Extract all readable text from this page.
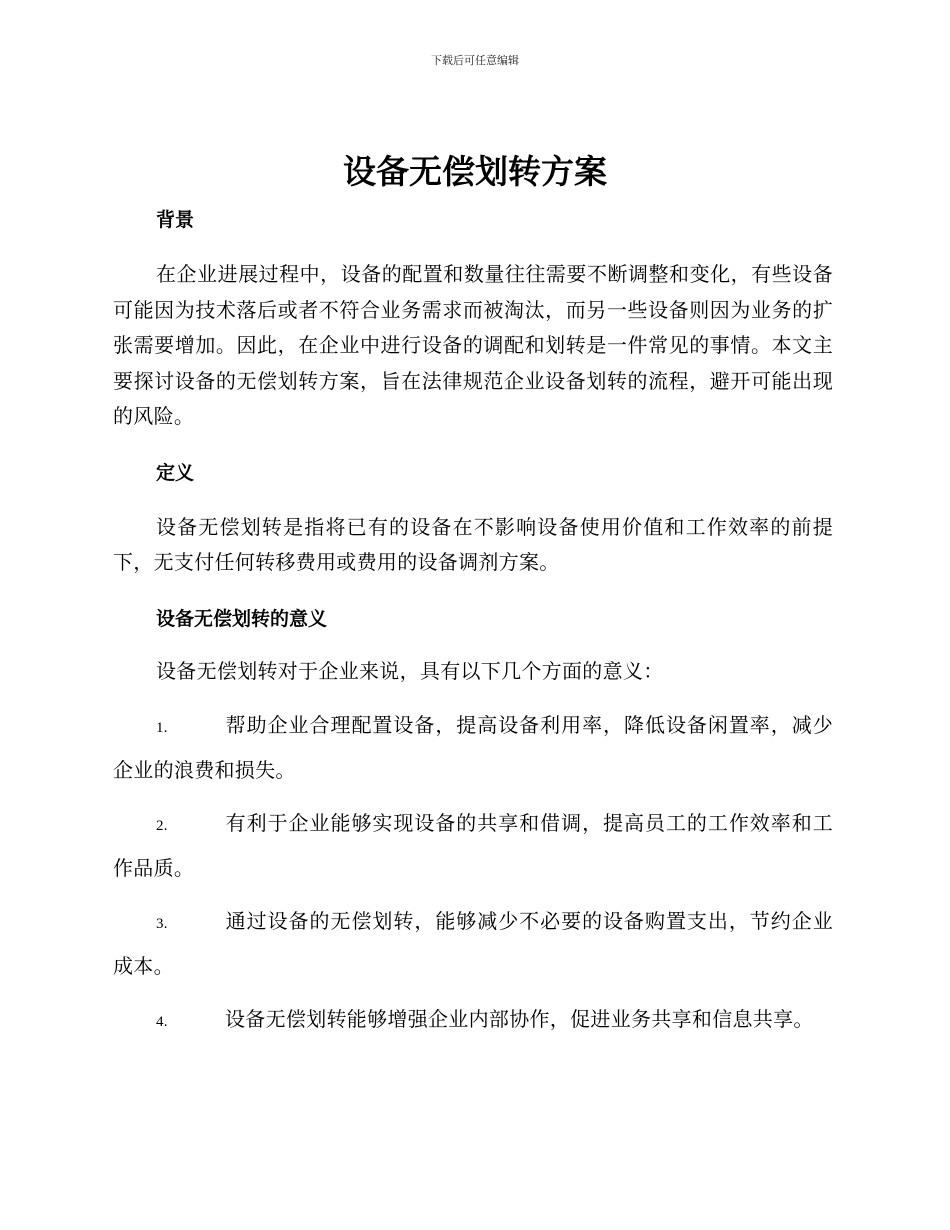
下载后可任意编辑
设备无偿划转方案
背景

在企业进展过程中，设备的配置和数量往往需要不断调整和变化，有些设备可能因为技术落后或者不符合业务需求而被淘汰，而另一些设备则因为业务的扩张需要增加。因此，在企业中进行设备的调配和划转是一件常见的事情。本文主要探讨设备的无偿划转方案，旨在法律规范企业设备划转的流程，避开可能出现的风险。

定义

设备无偿划转是指将已有的设备在不影响设备使用价值和工作效率的前提下，无支付任何转移费用或费用的设备调剂方案。

设备无偿划转的意义

设备无偿划转对于企业来说，具有以下几个方面的意义：

1.	帮助企业合理配置设备，提高设备利用率，降低设备闲置率，减少企业的浪费和损失。

2.	有利于企业能够实现设备的共享和借调，提高员工的工作效率和工作品质。

3.	通过设备的无偿划转，能够减少不必要的设备购置支出，节约企业成本。

4.	设备无偿划转能够增强企业内部协作，促进业务共享和信息共享。
